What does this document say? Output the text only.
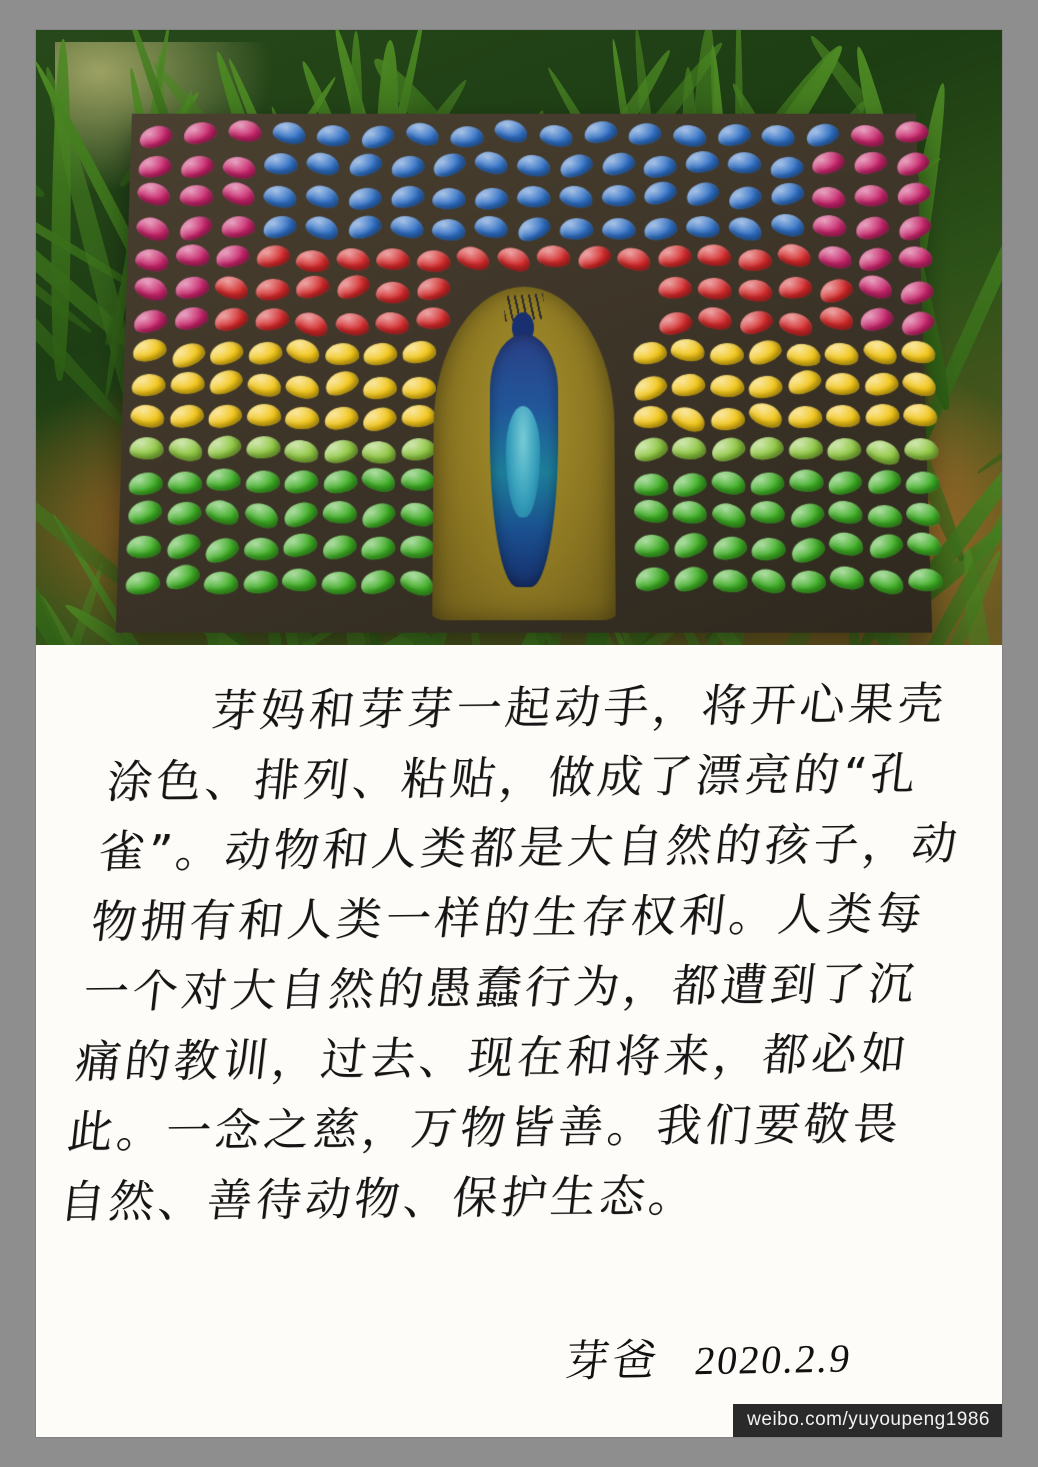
芽妈和芽芽一起动手，将开心果壳涂色、排列、粘贴，做成了漂亮的“孔雀”。动物和人类都是大自然的孩子，动物拥有和人类一样的生存权利。人类每一个对大自然的愚蠢行为，都遭到了沉痛的教训，过去、现在和将来，都必如此。一念之慈，万物皆善。我们要敬畏自然、善待动物、保护生态。
芽爸 2020.2.9
weibo.com/yuyoupeng1986
